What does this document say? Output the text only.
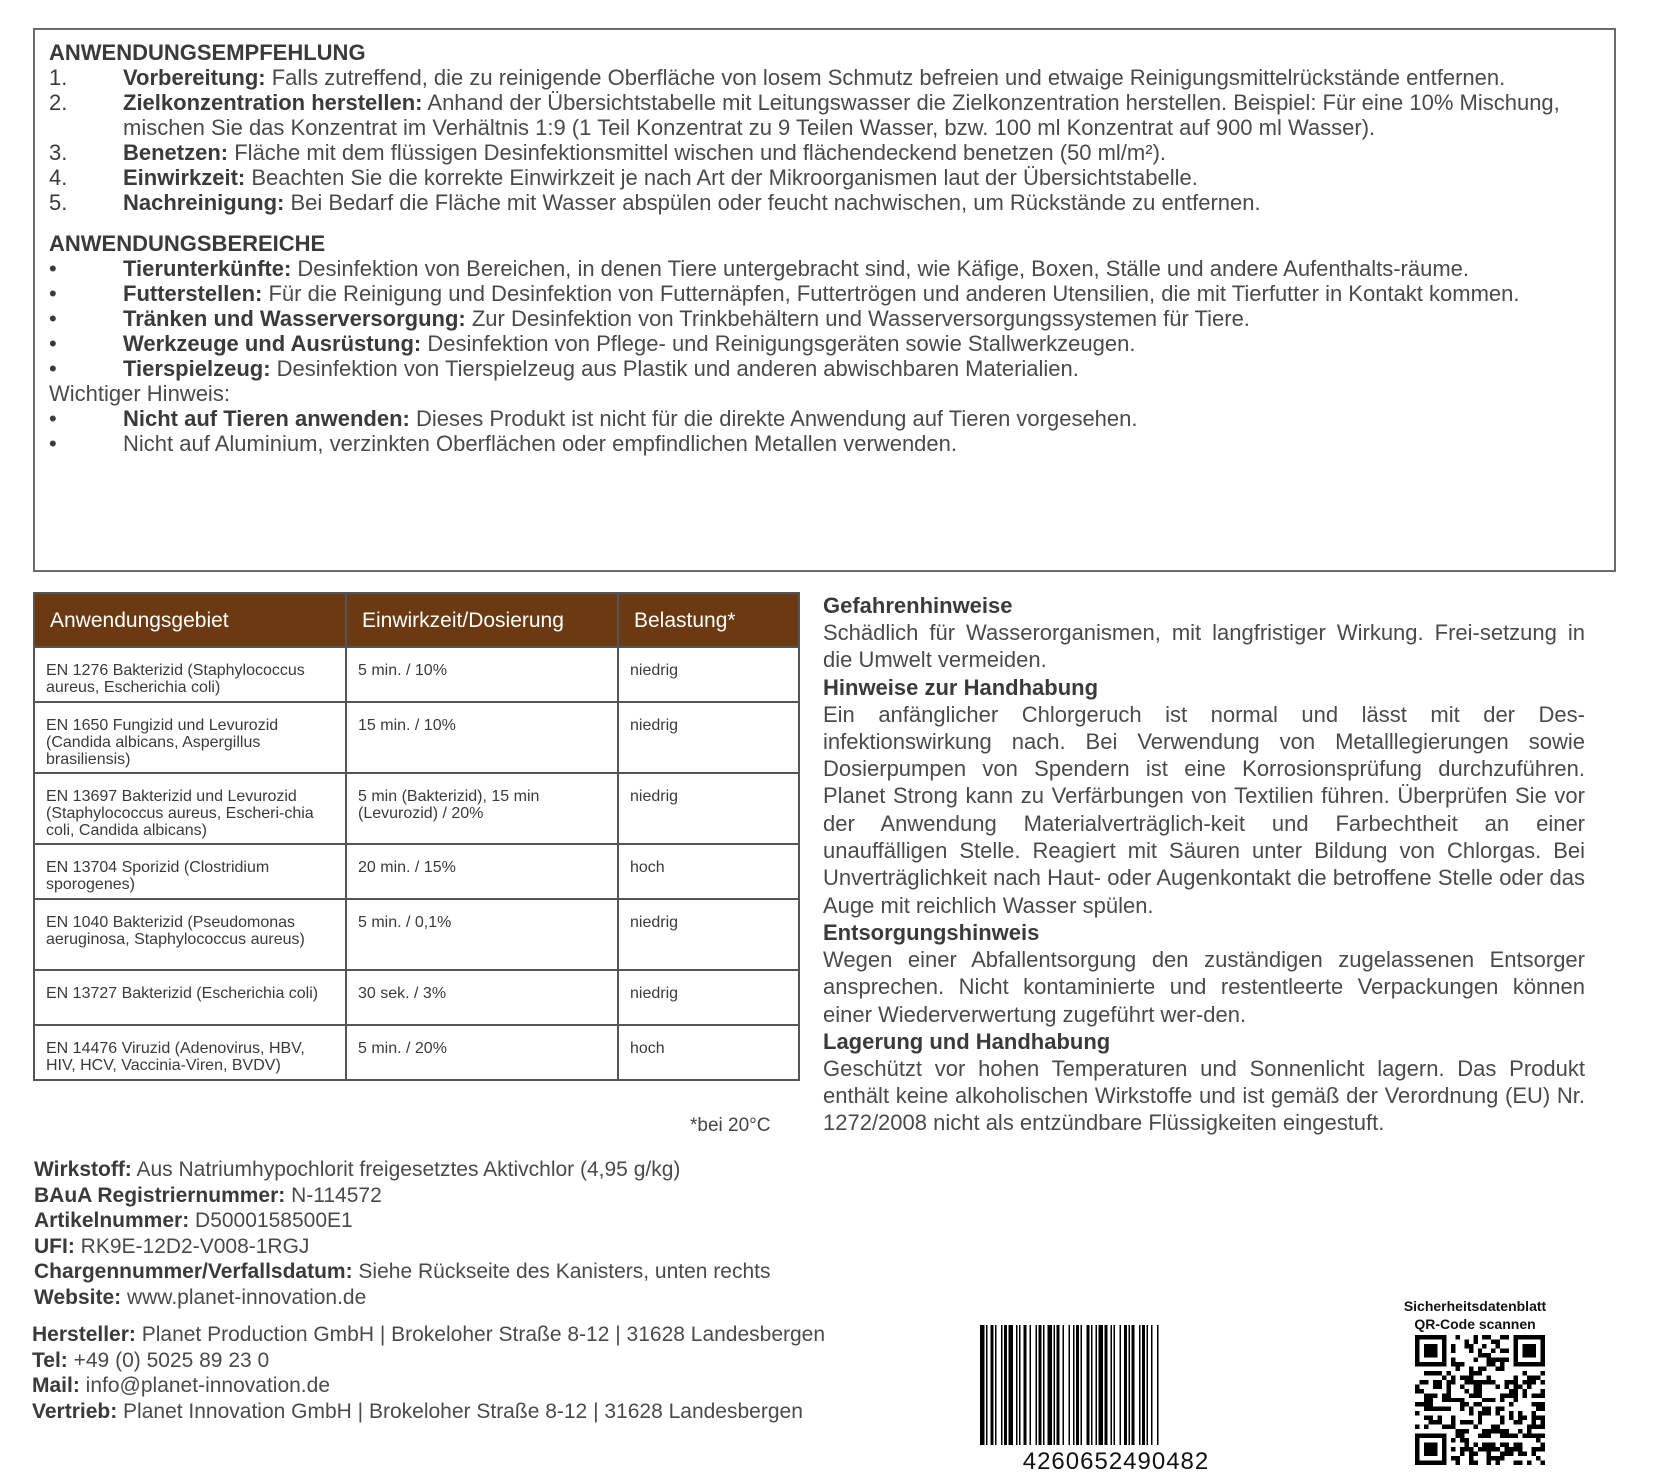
ANWENDUNGSEMPFEHLUNG
1.	Vorbereitung: Falls zutreffend, die zu reinigende Oberfläche von losem Schmutz befreien und etwaige Reinigungsmittelrückstände entfernen.
2.	Zielkonzentration herstellen: Anhand der Übersichtstabelle mit Leitungswasser die Zielkonzentration herstellen. Beispiel: Für eine 10% Mischung, mischen Sie das Konzentrat im Verhältnis 1:9 (1 Teil Konzentrat zu 9 Teilen Wasser, bzw. 100 ml Konzentrat auf 900 ml Wasser).
3.	Benetzen: Fläche mit dem flüssigen Desinfektionsmittel wischen und flächendeckend benetzen (50 ml/m²).
4.	Einwirkzeit: Beachten Sie die korrekte Einwirkzeit je nach Art der Mikroorganismen laut der Übersichtstabelle.
5.	Nachreinigung: Bei Bedarf die Fläche mit Wasser abspülen oder feucht nachwischen, um Rückstände zu entfernen.
ANWENDUNGSBEREICHE
•	Tierunterkünfte: Desinfektion von Bereichen, in denen Tiere untergebracht sind, wie Käfige, Boxen, Ställe und andere Aufenthalts-räume.
•	Futterstellen: Für die Reinigung und Desinfektion von Futternäpfen, Futtertrögen und anderen Utensilien, die mit Tierfutter in Kontakt kommen.
•	Tränken und Wasserversorgung: Zur Desinfektion von Trinkbehältern und Wasserversorgungssystemen für Tiere.
•	Werkzeuge und Ausrüstung: Desinfektion von Pflege- und Reinigungsgeräten sowie Stallwerkzeugen.
•	Tierspielzeug: Desinfektion von Tierspielzeug aus Plastik und anderen abwischbaren Materialien.
Wichtiger Hinweis:
•	Nicht auf Tieren anwenden: Dieses Produkt ist nicht für die direkte Anwendung auf Tieren vorgesehen.
•	Nicht auf Aluminium, verzinkten Oberflächen oder empfindlichen Metallen verwenden.
Anwendungsgebiet	Einwirkzeit/Dosierung	Belastung*
EN 1276 Bakterizid (Staphylococcus aureus, Escherichia coli)	5 min. / 10%	niedrig
EN 1650 Fungizid und Levurozid (Candida albicans, Aspergillus brasiliensis)	15 min. / 10%	niedrig
EN 13697 Bakterizid und Levurozid (Staphylococcus aureus, Escheri-chia coli, Candida albicans)	5 min (Bakterizid), 15 min (Levurozid) / 20%	niedrig
EN 13704 Sporizid (Clostridium sporogenes)	20 min. / 15%	hoch
EN 1040 Bakterizid (Pseudomonas aeruginosa, Staphylococcus aureus)	5 min. / 0,1%	niedrig
EN 13727 Bakterizid (Escherichia coli)	30 sek. / 3%	niedrig
EN 14476 Viruzid (Adenovirus, HBV, HIV, HCV, Vaccinia-Viren, BVDV)	5 min. / 20%	hoch
*bei 20°C
Gefahrenhinweise

Schädlich für Wasserorganismen, mit langfristiger Wirkung. Frei-setzung in die Umwelt vermeiden.

Hinweise zur Handhabung

Ein anfänglicher Chlorgeruch ist normal und lässt mit der Des-infektionswirkung nach. Bei Verwendung von Metalllegierungen sowie Dosierpumpen von Spendern ist eine Korrosionsprüfung durchzuführen. Planet Strong kann zu Verfärbungen von Textilien führen. Überprüfen Sie vor der Anwendung Materialverträglich-keit und Farbechtheit an einer unauffälligen Stelle. Reagiert mit Säuren unter Bildung von Chlorgas. Bei Unverträglichkeit nach Haut- oder Augenkontakt die betroffene Stelle oder das Auge mit reichlich Wasser spülen.

Entsorgungshinweis

Wegen einer Abfallentsorgung den zuständigen zugelassenen Entsorger ansprechen. Nicht kontaminierte und restentleerte Verpackungen können einer Wiederverwertung zugeführt wer-den.

Lagerung und Handhabung

Geschützt vor hohen Temperaturen und Sonnenlicht lagern. Das Produkt enthält keine alkoholischen Wirkstoffe und ist gemäß der Verordnung (EU) Nr. 1272/2008 nicht als entzündbare Flüssigkeiten eingestuft.

Wirkstoff: Aus Natriumhypochlorit freigesetztes Aktivchlor (4,95 g/kg)
BAuA Registriernummer: N-114572
Artikelnummer: D5000158500E1
UFI: RK9E-12D2-V008-1RGJ
Chargennummer/Verfallsdatum: Siehe Rückseite des Kanisters, unten rechts
Website: www.planet-innovation.de
Hersteller: Planet Production GmbH | Brokeloher Straße 8-12 | 31628 Landesbergen
Tel: +49 (0) 5025 89 23 0
Mail: info@planet-innovation.de
Vertrieb: Planet Innovation GmbH | Brokeloher Straße 8-12 | 31628 Landesbergen
4260652490482
Sicherheitsdatenblatt
QR-Code scannen
